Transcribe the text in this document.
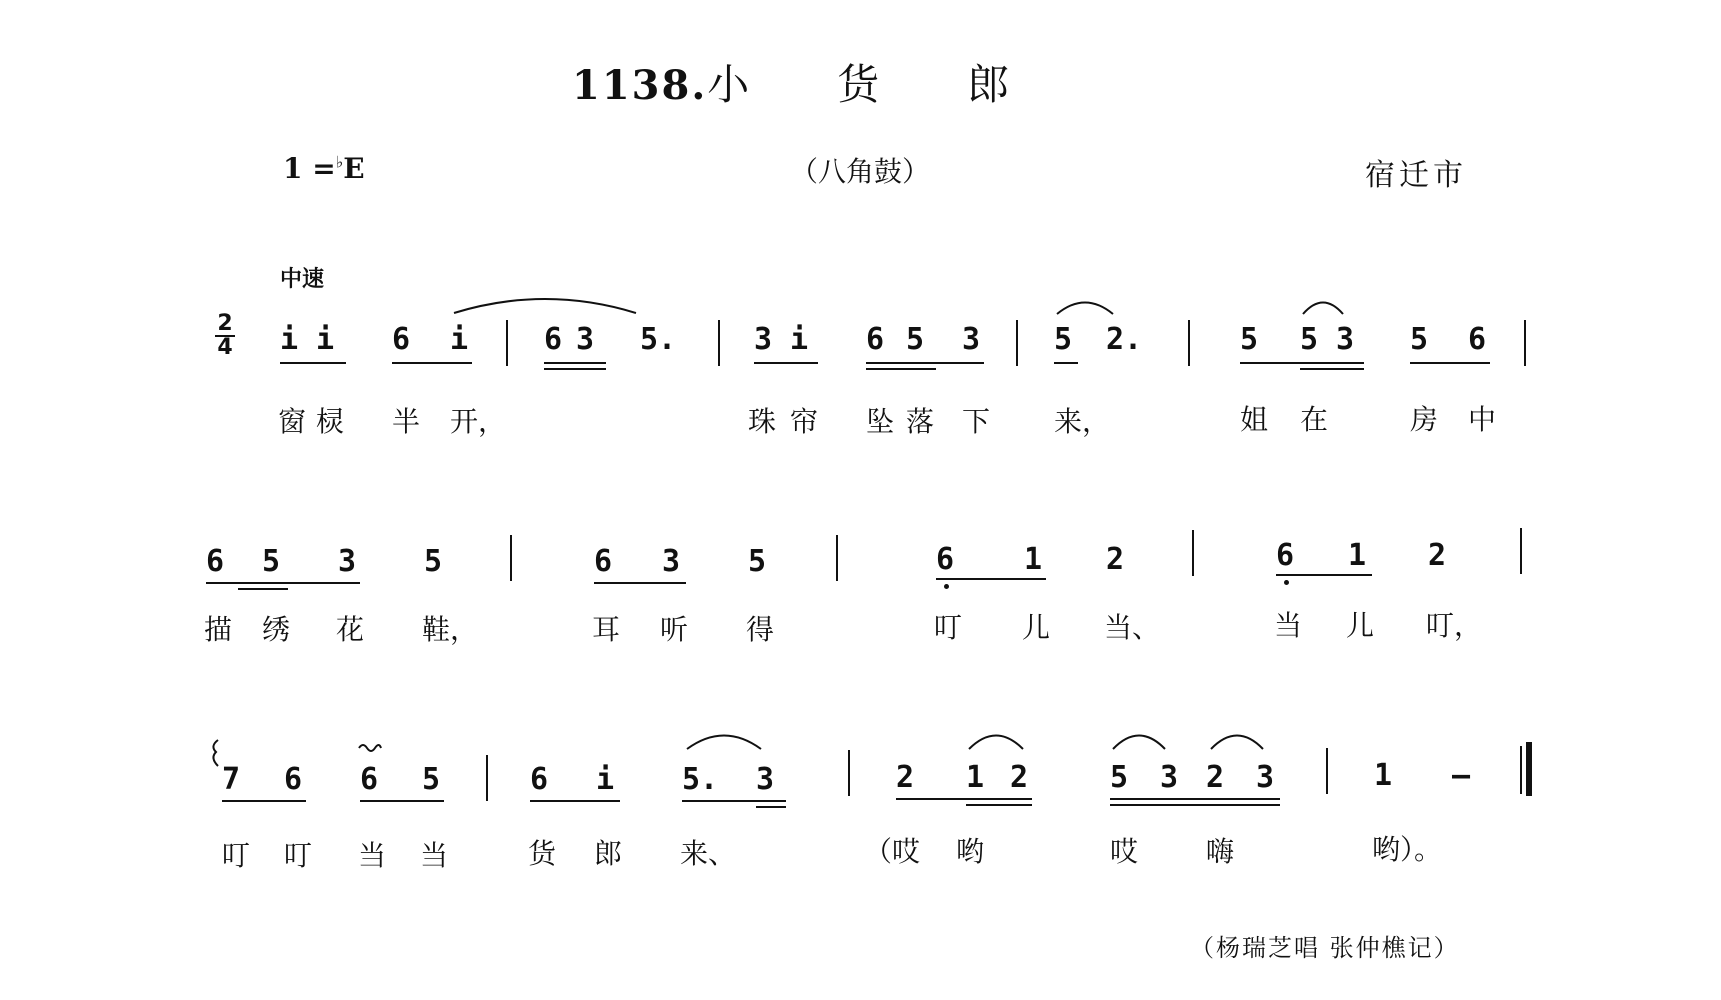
1138.小 货 郎
1 =♭E	（八角鼓）	宿迁市
中速
2
4 i i 6 i	6 3 5.	3 i 6 5 3 5 2.	5 5 3 5 6
窗 棂 半 开，	珠 帘 坠 落 下 来，	姐 在	房 中
6 5 3 5	6 3 5	6 1 2	6 1 2
描 绣 花 鞋，	耳 听 得	叮 儿 当、	当 儿 叮，
7 6 6 5	6 i 5. 3	2 1 2	5 3 2 3	1 –
叮 叮 当 当	货 郎 来、	（哎 哟	哎 嗨	哟）。
（杨瑞芝唱 张仲樵记）
